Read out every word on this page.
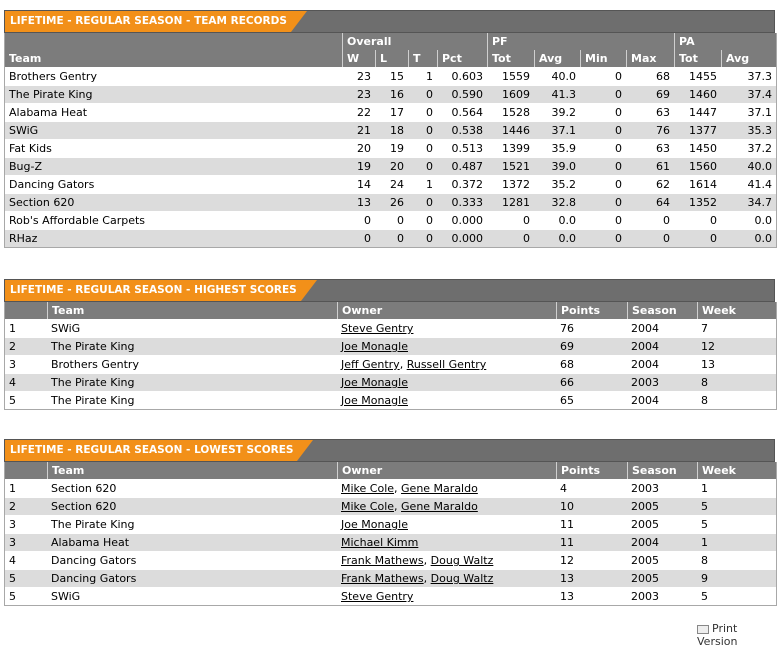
LIFETIME - REGULAR SEASON - TEAM RECORDS
	Overall				PF				PA	
Team	W	L	T	Pct	Tot	Avg	Min	Max	Tot	Avg
Brothers Gentry	23	15	1	0.603	1559	40.0	0	68	1455	37.3
The Pirate King	23	16	0	0.590	1609	41.3	0	69	1460	37.4
Alabama Heat	22	17	0	0.564	1528	39.2	0	63	1447	37.1
SWiG	21	18	0	0.538	1446	37.1	0	76	1377	35.3
Fat Kids	20	19	0	0.513	1399	35.9	0	63	1450	37.2
Bug-Z	19	20	0	0.487	1521	39.0	0	61	1560	40.0
Dancing Gators	14	24	1	0.372	1372	35.2	0	62	1614	41.4
Section 620	13	26	0	0.333	1281	32.8	0	64	1352	34.7
Rob's Affordable Carpets	0	0	0	0.000	0	0.0	0	0	0	0.0
RHaz	0	0	0	0.000	0	0.0	0	0	0	0.0
LIFETIME - REGULAR SEASON - HIGHEST SCORES
	Team	Owner	Points	Season	Week
1	SWiG	Steve Gentry	76	2004	7
2	The Pirate King	Joe Monagle	69	2004	12
3	Brothers Gentry	Jeff Gentry, Russell Gentry	68	2004	13
4	The Pirate King	Joe Monagle	66	2003	8
5	The Pirate King	Joe Monagle	65	2004	8
LIFETIME - REGULAR SEASON - LOWEST SCORES
	Team	Owner	Points	Season	Week
1	Section 620	Mike Cole, Gene Maraldo	4	2003	1
2	Section 620	Mike Cole, Gene Maraldo	10	2005	5
3	The Pirate King	Joe Monagle	11	2005	5
3	Alabama Heat	Michael Kimm	11	2004	1
4	Dancing Gators	Frank Mathews, Doug Waltz	12	2005	8
5	Dancing Gators	Frank Mathews, Doug Waltz	13	2005	9
5	SWiG	Steve Gentry	13	2003	5
Print Version
